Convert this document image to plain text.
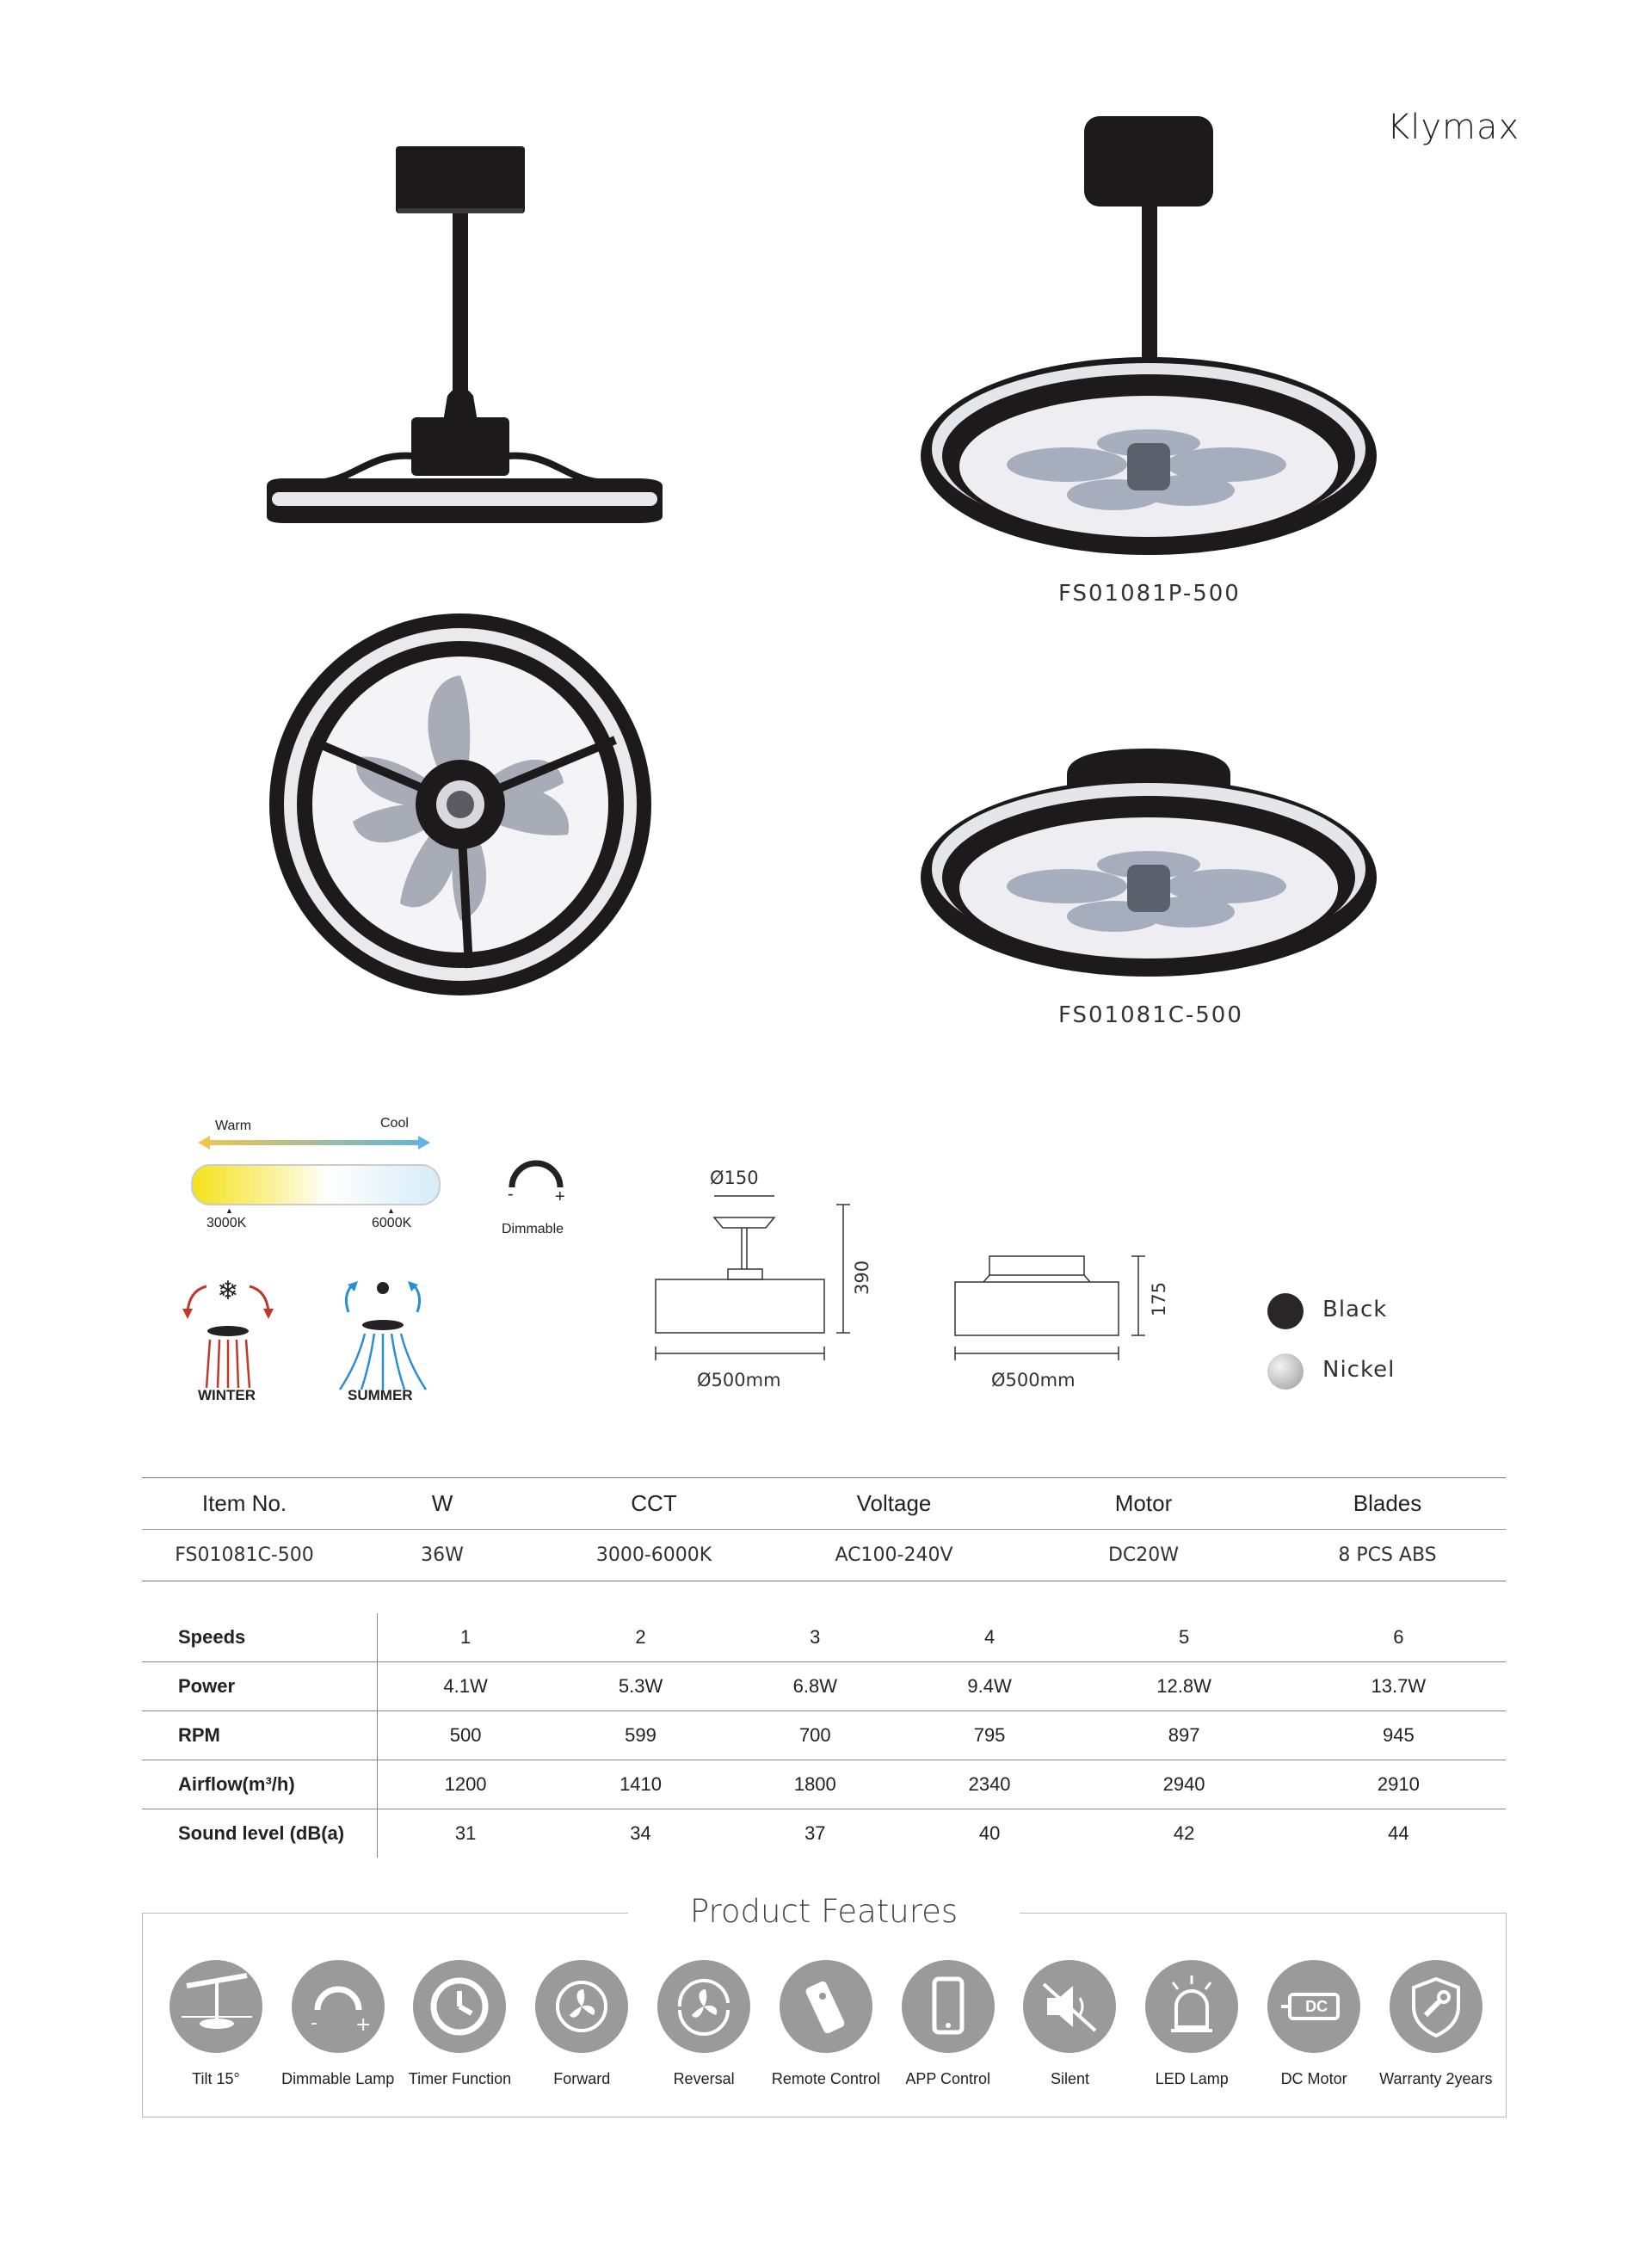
Klymax
FS01081P-500
FS01081C-500
Warm	Cool
3000K	6000K
▲	▲
- +
Dimmable
❄
WINTER	SUMMER
Ø150
390
Ø500mm
175
Ø500mm
Black
Nickel
Item No.	W	CCT	Voltage	Motor	Blades
FS01081C-500	36W	3000-6000K	AC100-240V	DC20W	8 PCS ABS
Speeds	1	2	3	4	5	6
Power	4.1W	5.3W	6.8W	9.4W	12.8W	13.7W
RPM	500	599	700	795	897	945
Airflow(m³/h)	1200	1410	1800	2340	2940	2910
Sound level (dB(a)	31	34	37	40	42	44
Product Features
Tilt 15°
- +
Dimmable Lamp Timer Function	Forward	Reversal	Remote Control	APP Control	Silent	LED Lamp
DC
DC Motor	Warranty 2years
